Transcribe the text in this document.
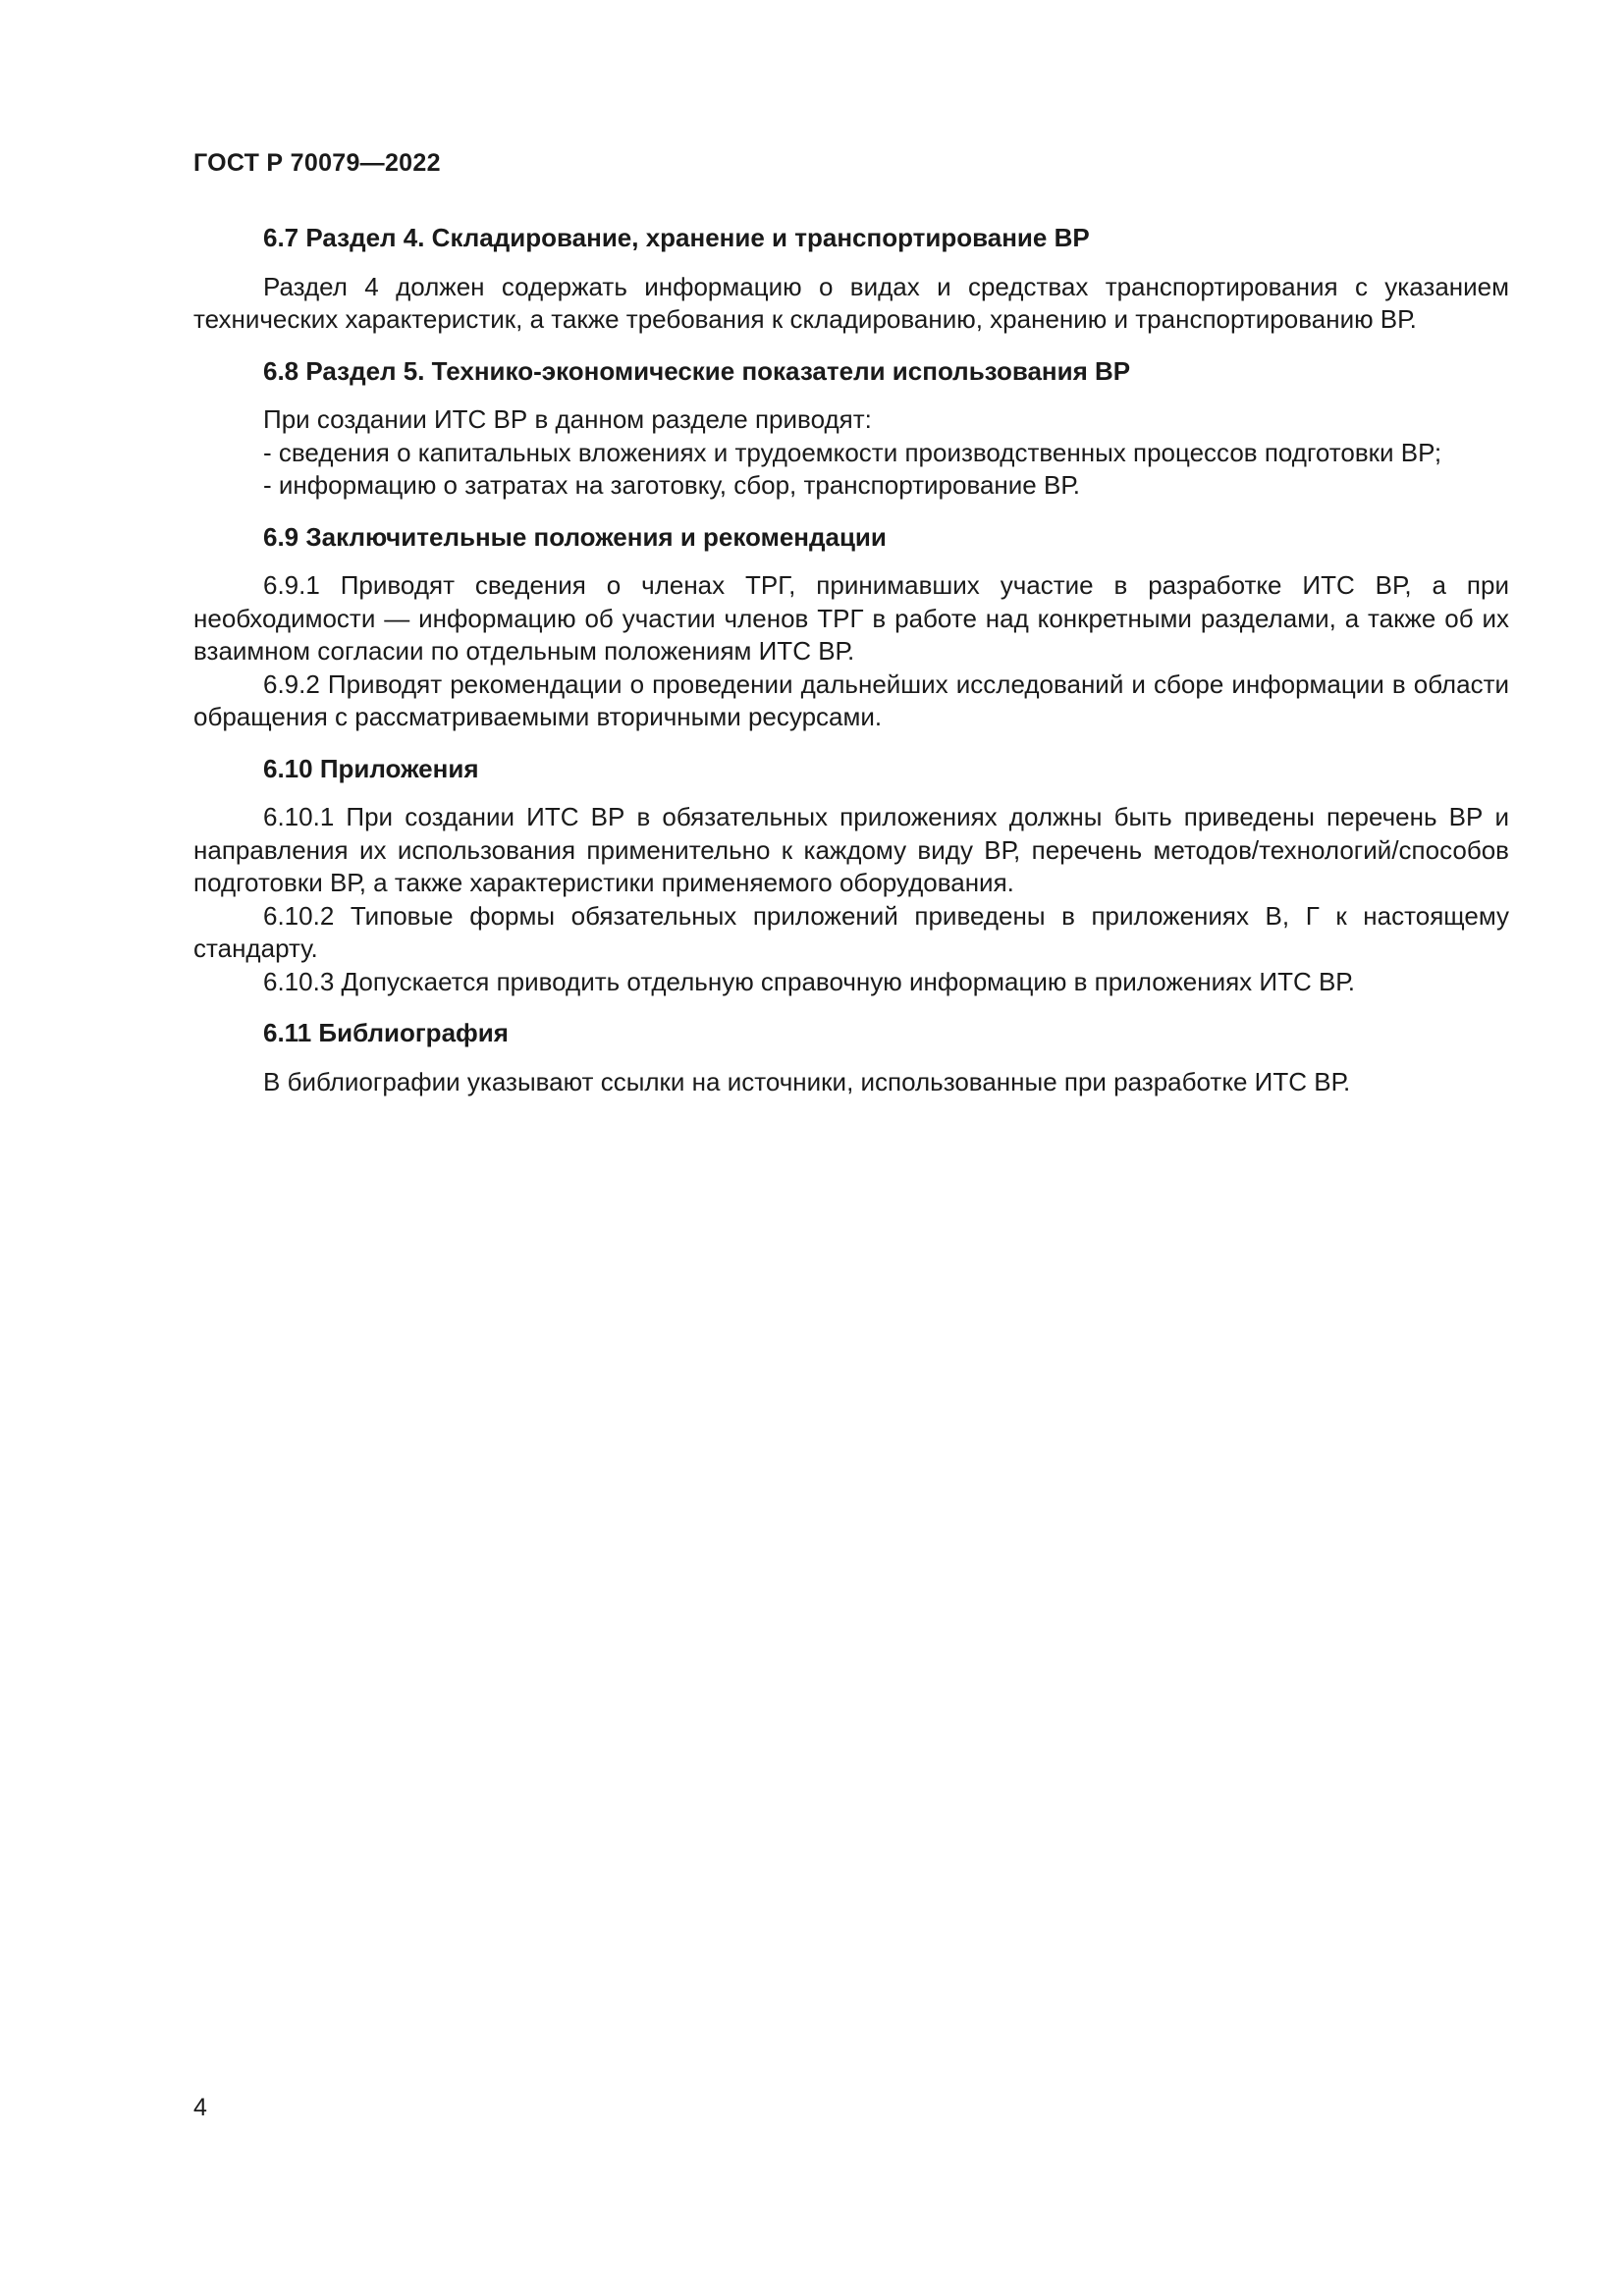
ГОСТ Р 70079—2022

6.7 Раздел 4. Складирование, хранение и транспортирование ВР

Раздел 4 должен содержать информацию о видах и средствах транспортирования с указанием технических характеристик, а также требования к складированию, хранению и транспортированию ВР.

6.8 Раздел 5. Технико-экономические показатели использования ВР

При создании ИТС ВР в данном разделе приводят:

- сведения о капитальных вложениях и трудоемкости производственных процессов подготовки ВР;

- информацию о затратах на заготовку, сбор, транспортирование ВР.

6.9 Заключительные положения и рекомендации

6.9.1 Приводят сведения о членах ТРГ, принимавших участие в разработке ИТС ВР, а при необходимости — информацию об участии членов ТРГ в работе над конкретными разделами, а также об их взаимном согласии по отдельным положениям ИТС ВР.

6.9.2 Приводят рекомендации о проведении дальнейших исследований и сборе информации в области обращения с рассматриваемыми вторичными ресурсами.

6.10 Приложения

6.10.1 При создании ИТС ВР в обязательных приложениях должны быть приведены перечень ВР и направления их использования применительно к каждому виду ВР, перечень методов/технологий/способов подготовки ВР, а также характеристики применяемого оборудования.

6.10.2 Типовые формы обязательных приложений приведены в приложениях В, Г к настоящему стандарту.

6.10.3 Допускается приводить отдельную справочную информацию в приложениях ИТС ВР.

6.11 Библиография

В библиографии указывают ссылки на источники, использованные при разработке ИТС ВР.

4
